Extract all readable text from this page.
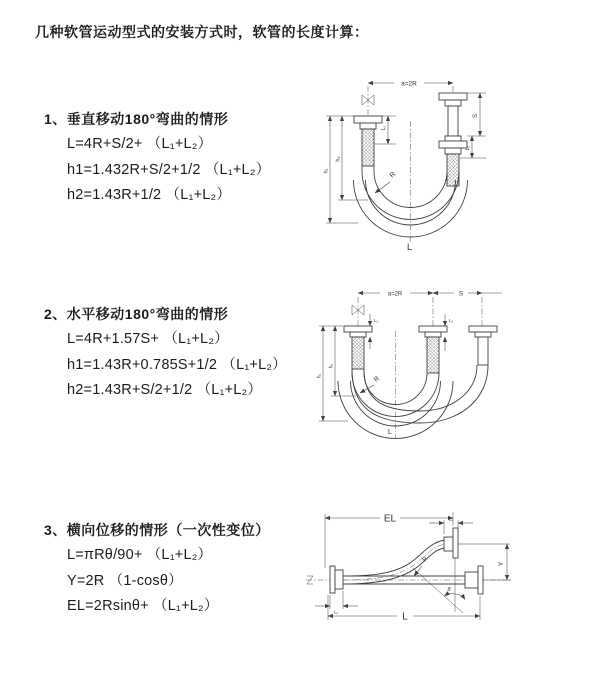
几种软管运动型式的安装方式时，软管的长度计算：
1、垂直移动180°弯曲的情形
L=4R+S/2+ （L₁+L₂）
h1=1.432R+S/2+1/2 （L₁+L₂）
h2=1.43R+1/2 （L₁+L₂）
2、水平移动180°弯曲的情形
L=4R+1.57S+ （L₁+L₂）
h1=1.43R+0.785S+1/2 （L₁+L₂）
h2=1.43R+S/2+1/2 （L₁+L₂）
3、横向位移的情形（一次性变位）
L=πRθ/90+ （L₁+L₂）
Y=2R （1-cosθ）
EL=2Rsinθ+ （L₁+L₂）
a=2R
R
L
h₁
h₂
L₁
S
L₂
a=2R	S
R
h₁
h₂
L₁	L₂
L
EL	L₂
Y
θ
R
L
L₁
